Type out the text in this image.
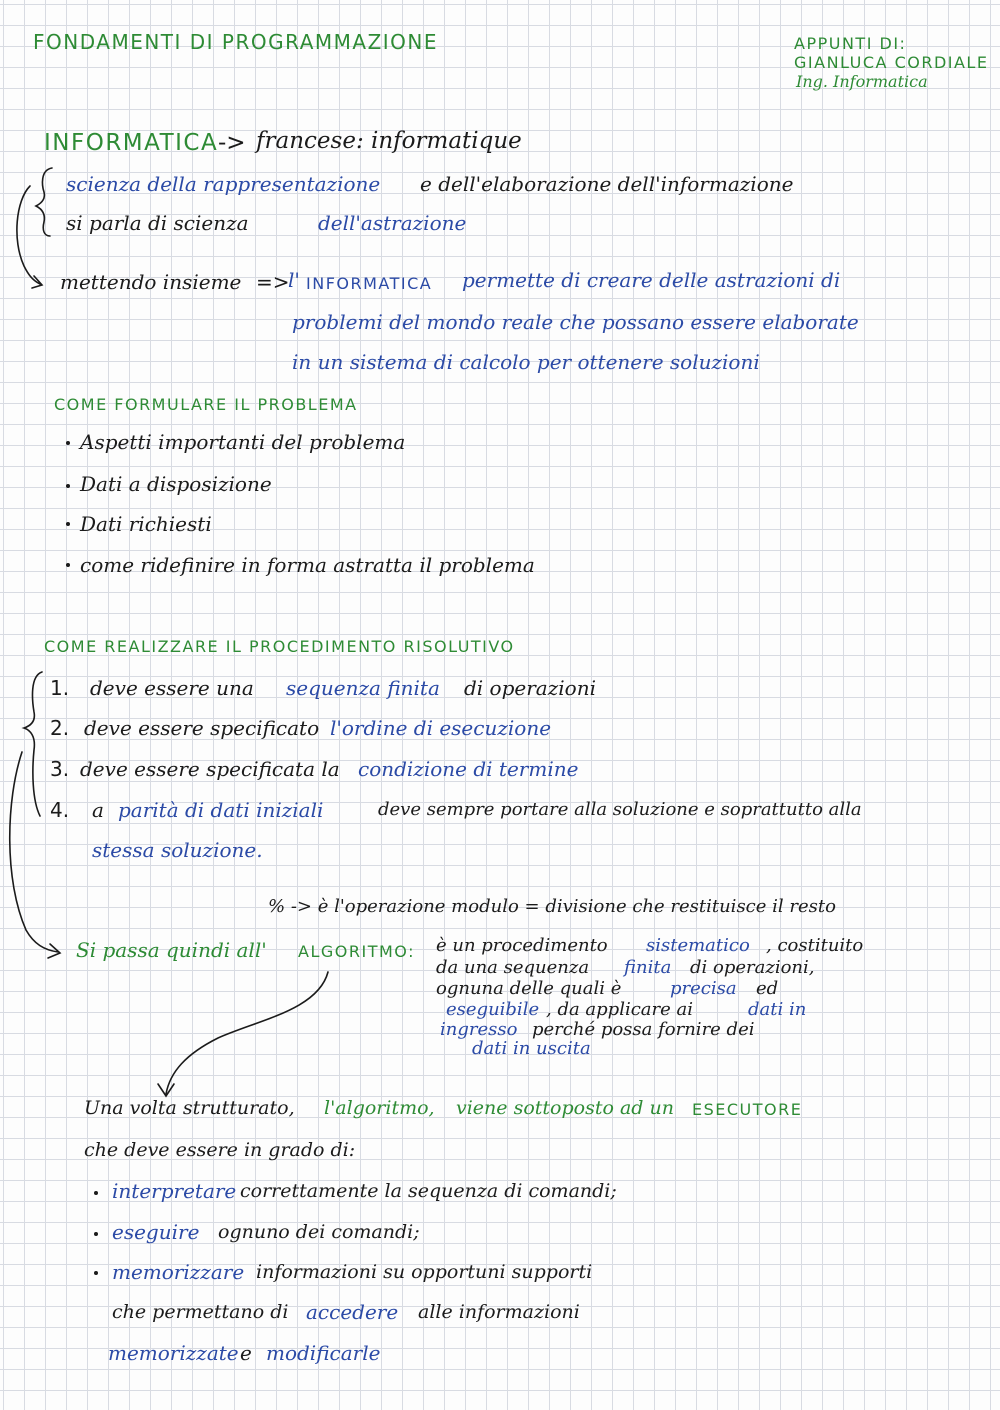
FONDAMENTI DI PROGRAMMAZIONE	APPUNTI DI:
GIANLUCA CORDIALE
Ing. Informatica
INFORMATICA -> francese: informatique
scienza della rappresentazione e dell'elaborazione dell'informazione
si parla di scienza	dell'astrazione
mettendo insieme =>
l' INFORMATICA permette di creare delle astrazioni di
problemi del mondo reale che possano essere elaborate
in un sistema di calcolo per ottenere soluzioni
COME FORMULARE IL PROBLEMA
Aspetti importanti del problema
Dati a disposizione
Dati richiesti
come ridefinire in forma astratta il problema
COME REALIZZARE IL PROCEDIMENTO RISOLUTIVO
1. deve essere una sequenza finita di operazioni
2. deve essere specificato l'ordine di esecuzione
3. deve essere specificata la condizione di termine
4. a parità di dati iniziali	deve sempre portare alla soluzione e soprattutto alla
stessa soluzione.
% -> è l'operazione modulo = divisione che restituisce il resto
Si passa quindi all' ALGORITMO: è un procedimento sistematico , costituito
da una sequenza finita di operazioni,
ognuna delle quali è	precisa ed
eseguibile , da applicare ai	dati in
ingresso perché possa fornire dei
dati in uscita
Una volta strutturato, l'algoritmo, viene sottoposto ad un ESECUTORE
che deve essere in grado di:
interpretare correttamente la sequenza di comandi;
eseguire ognuno dei comandi;
memorizzare informazioni su opportuni supporti
che permettano di accedere alle informazioni
memorizzate e modificarle
